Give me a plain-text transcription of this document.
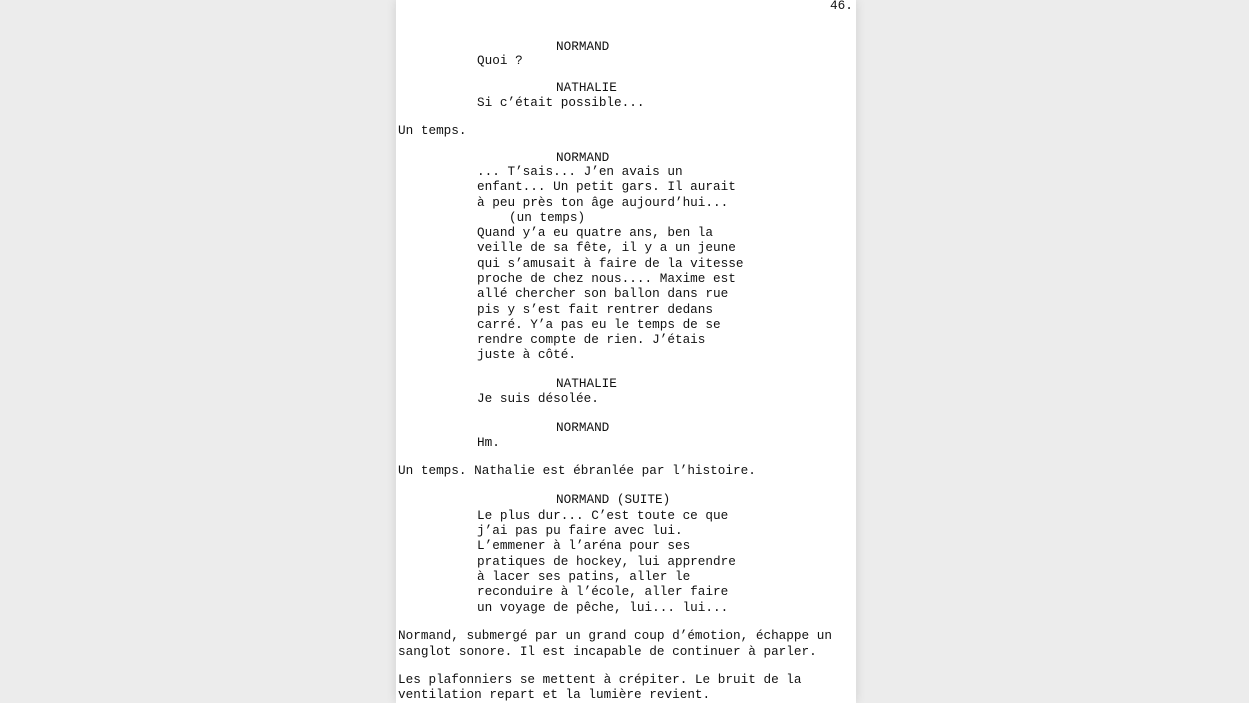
46.
NORMAND
Quoi ?
NATHALIE
Si c’était possible...
Un temps.
NORMAND
... T’sais... J’en avais un
enfant... Un petit gars. Il aurait
à peu près ton âge aujourd’hui...
(un temps)
Quand y’a eu quatre ans, ben la
veille de sa fête, il y a un jeune
qui s’amusait à faire de la vitesse
proche de chez nous.... Maxime est
allé chercher son ballon dans rue
pis y s’est fait rentrer dedans
carré. Y’a pas eu le temps de se
rendre compte de rien. J’étais
juste à côté.
NATHALIE
Je suis désolée.
NORMAND
Hm.
Un temps. Nathalie est ébranlée par l’histoire.
NORMAND (SUITE)
Le plus dur... C’est toute ce que
j’ai pas pu faire avec lui.
L’emmener à l’aréna pour ses
pratiques de hockey, lui apprendre
à lacer ses patins, aller le
reconduire à l’école, aller faire
un voyage de pêche, lui... lui...
Normand, submergé par un grand coup d’émotion, échappe un
sanglot sonore. Il est incapable de continuer à parler.
Les plafonniers se mettent à crépiter. Le bruit de la
ventilation repart et la lumière revient.
